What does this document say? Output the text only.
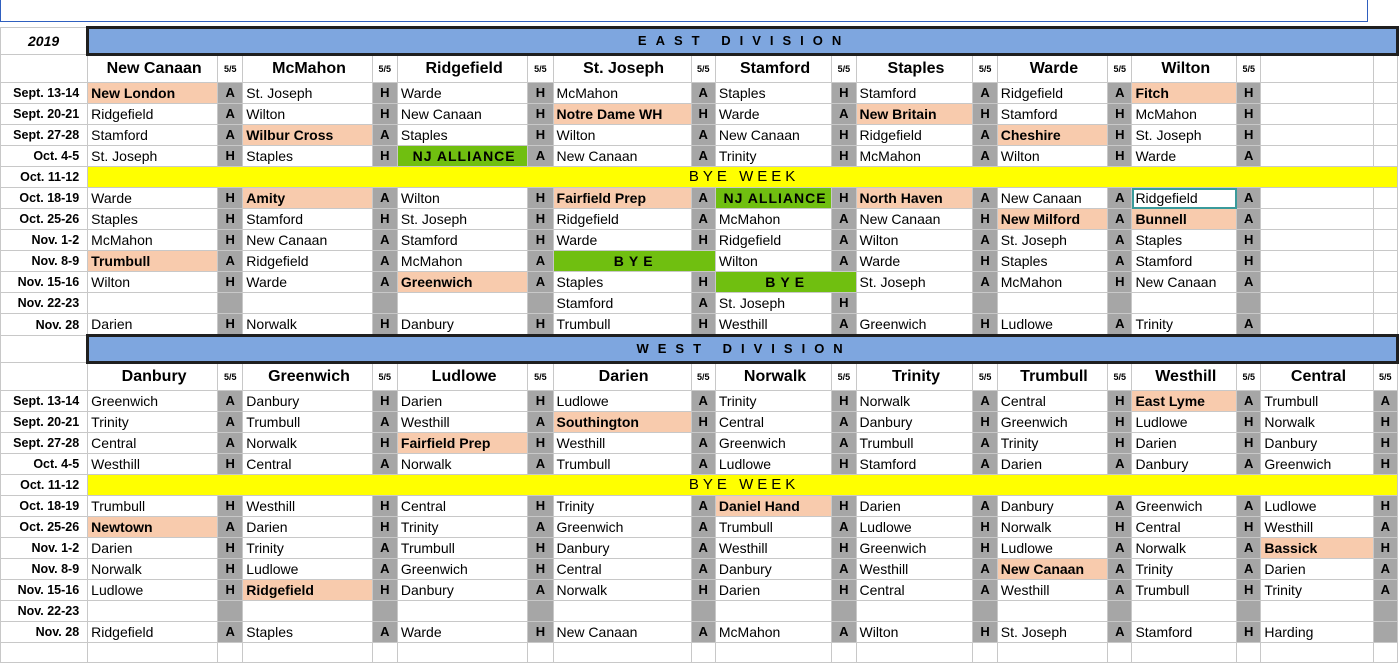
2019	EAST DIVISION																	
	New Canaan	5/5	McMahon	5/5	Ridgefield	5/5	St. Joseph	5/5	Stamford	5/5	Staples	5/5	Warde	5/5	Wilton	5/5		
Sept. 13-14	New London	A	St. Joseph	H	Warde	H	McMahon	A	Staples	H	Stamford	A	Ridgefield	A	Fitch	H		
Sept. 20-21	Ridgefield	A	Wilton	H	New Canaan	H	Notre Dame WH	H	Warde	A	New Britain	H	Stamford	H	McMahon	H		
Sept. 27-28	Stamford	A	Wilbur Cross	A	Staples	H	Wilton	A	New Canaan	H	Ridgefield	A	Cheshire	H	St. Joseph	H		
Oct. 4-5	St. Joseph	H	Staples	H	NJ ALLIANCE	A	New Canaan	A	Trinity	H	McMahon	A	Wilton	H	Warde	A		
Oct. 11-12	BYE WEEK																	
Oct. 18-19	Warde	H	Amity	A	Wilton	H	Fairfield Prep	A	NJ ALLIANCE	H	North Haven	A	New Canaan	A	Ridgefield	A		
Oct. 25-26	Staples	H	Stamford	H	St. Joseph	H	Ridgefield	A	McMahon	A	New Canaan	H	New Milford	A	Bunnell	A		
Nov. 1-2	McMahon	H	New Canaan	A	Stamford	H	Warde	H	Ridgefield	A	Wilton	A	St. Joseph	A	Staples	H		
Nov. 8-9	Trumbull	A	Ridgefield	A	McMahon	A	BYE		Wilton	A	Warde	H	Staples	A	Stamford	H		
Nov. 15-16	Wilton	H	Warde	A	Greenwich	A	Staples	H	BYE		St. Joseph	A	McMahon	H	New Canaan	A		
Nov. 22-23							Stamford	A	St. Joseph	H								
Nov. 28	Darien	H	Norwalk	H	Danbury	H	Trumbull	H	Westhill	A	Greenwich	H	Ludlowe	A	Trinity	A		
	WEST DIVISION																	
	Danbury	5/5	Greenwich	5/5	Ludlowe	5/5	Darien	5/5	Norwalk	5/5	Trinity	5/5	Trumbull	5/5	Westhill	5/5	Central	5/5
Sept. 13-14	Greenwich	A	Danbury	H	Darien	H	Ludlowe	A	Trinity	H	Norwalk	A	Central	H	East Lyme	A	Trumbull	A
Sept. 20-21	Trinity	A	Trumbull	A	Westhill	A	Southington	H	Central	A	Danbury	H	Greenwich	H	Ludlowe	H	Norwalk	H
Sept. 27-28	Central	A	Norwalk	H	Fairfield Prep	H	Westhill	A	Greenwich	A	Trumbull	A	Trinity	H	Darien	H	Danbury	H
Oct. 4-5	Westhill	H	Central	A	Norwalk	A	Trumbull	A	Ludlowe	H	Stamford	A	Darien	A	Danbury	A	Greenwich	H
Oct. 11-12	BYE WEEK																	
Oct. 18-19	Trumbull	H	Westhill	H	Central	H	Trinity	A	Daniel Hand	H	Darien	A	Danbury	A	Greenwich	A	Ludlowe	H
Oct. 25-26	Newtown	A	Darien	H	Trinity	A	Greenwich	A	Trumbull	A	Ludlowe	H	Norwalk	H	Central	H	Westhill	A
Nov. 1-2	Darien	H	Trinity	A	Trumbull	H	Danbury	A	Westhill	H	Greenwich	H	Ludlowe	A	Norwalk	A	Bassick	H
Nov. 8-9	Norwalk	H	Ludlowe	A	Greenwich	H	Central	A	Danbury	A	Westhill	A	New Canaan	A	Trinity	A	Darien	A
Nov. 15-16	Ludlowe	H	Ridgefield	H	Danbury	A	Norwalk	H	Darien	H	Central	A	Westhill	A	Trumbull	H	Trinity	A
Nov. 22-23																		
Nov. 28	Ridgefield	A	Staples	A	Warde	H	New Canaan	A	McMahon	A	Wilton	H	St. Joseph	A	Stamford	H	Harding	
